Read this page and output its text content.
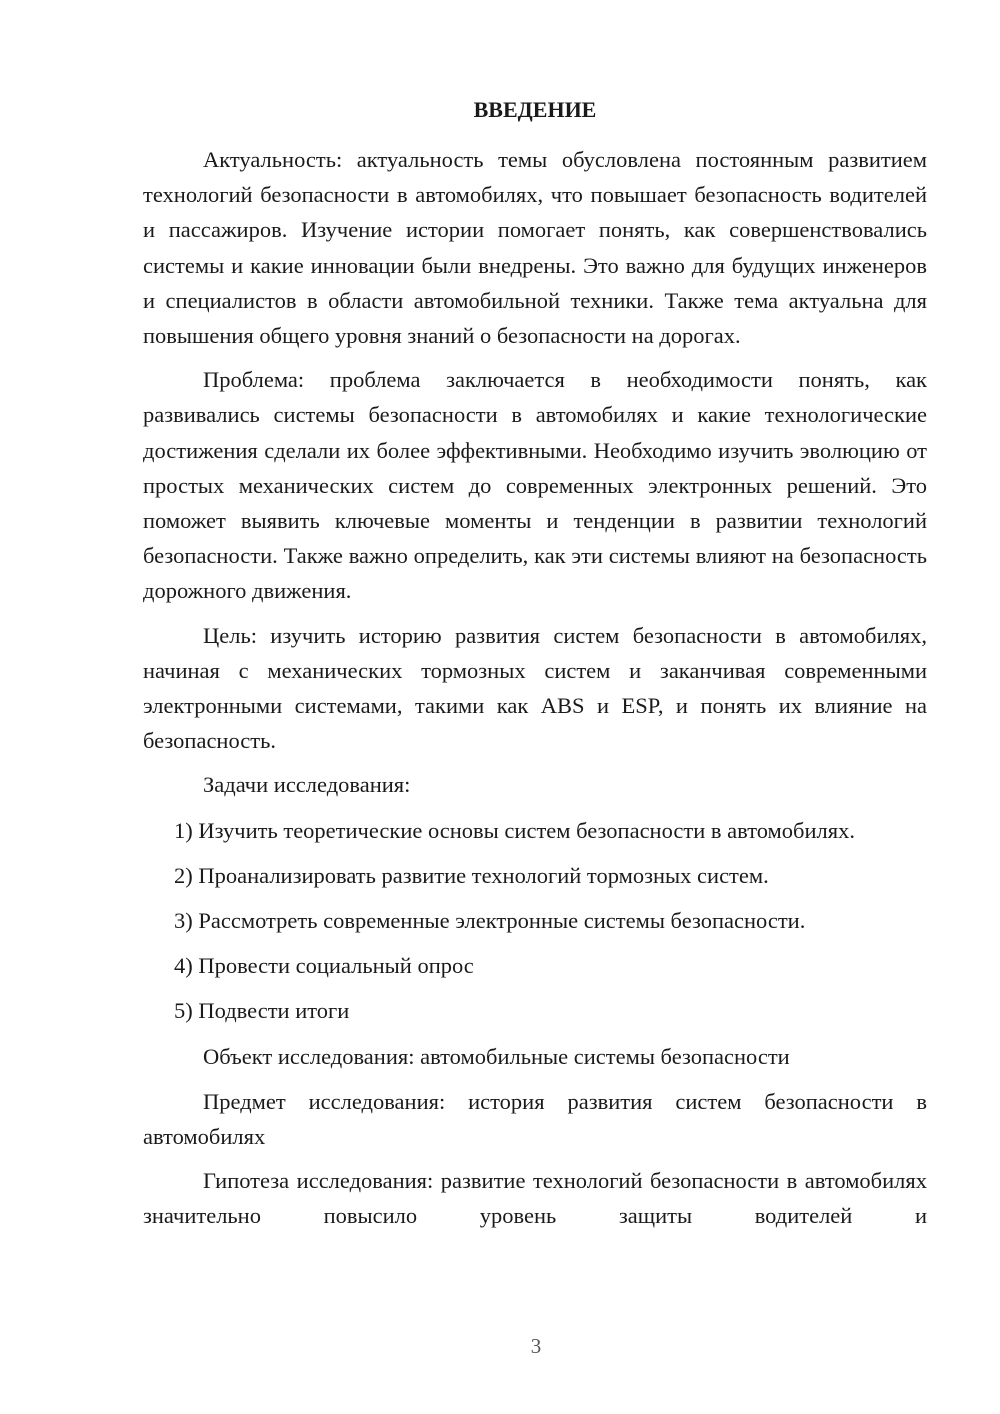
ВВЕДЕНИЕ

Актуальность: актуальность темы обусловлена постоянным развитием технологий безопасности в автомобилях, что повышает безопасность водителей и пассажиров. Изучение истории помогает понять, как совершенствовались системы и какие инновации были внедрены. Это важно для будущих инженеров и специалистов в области автомобильной техники. Также тема актуальна для повышения общего уровня знаний о безопасности на дорогах.

Проблема: проблема заключается в необходимости понять, как развивались системы безопасности в автомобилях и какие технологические достижения сделали их более эффективными. Необходимо изучить эволюцию от простых механических систем до современных электронных решений. Это поможет выявить ключевые моменты и тенденции в развитии технологий безопасности. Также важно определить, как эти системы влияют на безопасность дорожного движения.

Цель: изучить историю развития систем безопасности в автомобилях, начиная с механических тормозных систем и заканчивая современными электронными системами, такими как ABS и ESP, и понять их влияние на безопасность.

Задачи исследования:
1) Изучить теоретические основы систем безопасности в автомобилях.
2) Проанализировать развитие технологий тормозных систем.
3) Рассмотреть современные электронные системы безопасности.
4) Провести социальный опрос
5) Подвести итоги
Объект исследования: автомобильные системы безопасности

Предмет исследования: история развития систем безопасности в автомобилях

Гипотеза исследования: развитие технологий безопасности в автомобилях значительно повысило уровень защиты водителей и

3
